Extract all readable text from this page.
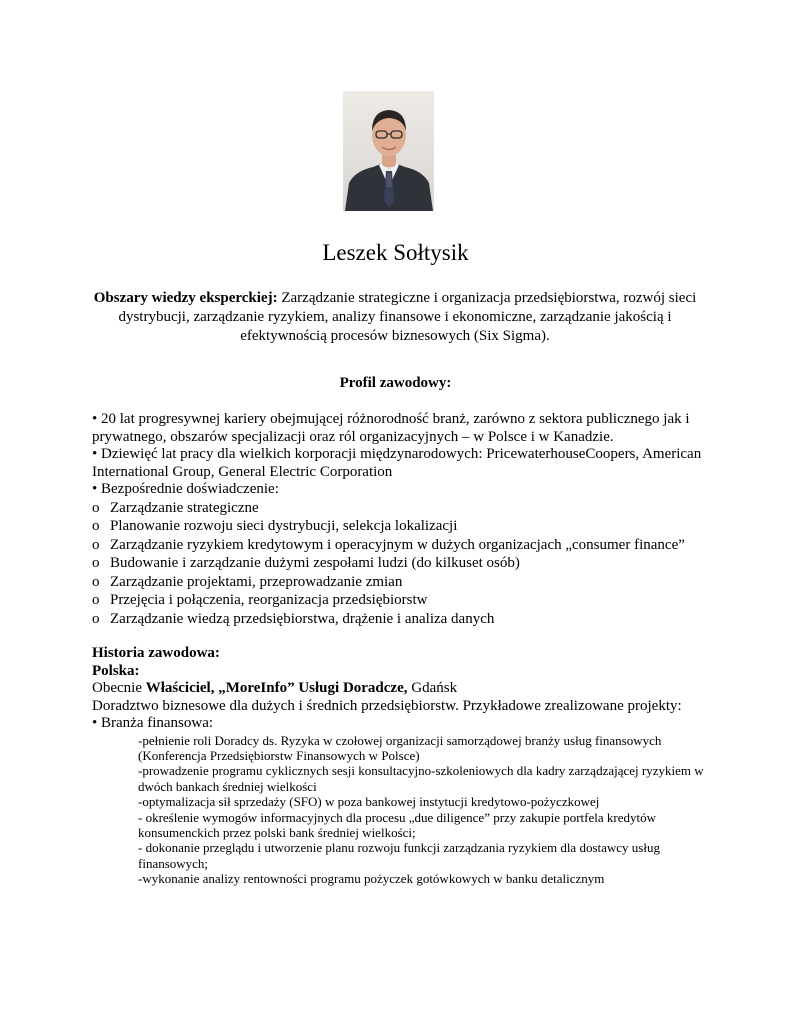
Leszek Sołtysik
Obszary wiedzy eksperckiej: Zarządzanie strategiczne i organizacja przedsiębiorstwa, rozwój sieci dystrybucji, zarządzanie ryzykiem, analizy finansowe i ekonomiczne, zarządzanie jakością i efektywnością procesów biznesowych (Six Sigma).
Profil zawodowy:

• 20 lat progresywnej kariery obejmującej różnorodność branż, zarówno z sektora publicznego jak i prywatnego, obszarów specjalizacji oraz ról organizacyjnych – w Polsce i w Kanadzie.

• Dziewięć lat pracy dla wielkich korporacji międzynarodowych: PricewaterhouseCoopers, American International Group, General Electric Corporation

• Bezpośrednie doświadczenie:

o Zarządzanie strategiczne
o Planowanie rozwoju sieci dystrybucji, selekcja lokalizacji
o Zarządzanie ryzykiem kredytowym i operacyjnym w dużych organizacjach „consumer finance”
o Budowanie i zarządzanie dużymi zespołami ludzi (do kilkuset osób)
o Zarządzanie projektami, przeprowadzanie zmian
o Przejęcia i połączenia, reorganizacja przedsiębiorstw
o Zarządzanie wiedzą przedsiębiorstwa, drążenie i analiza danych

Historia zawodowa:

Polska:

Obecnie Właściciel, „MoreInfo” Usługi Doradcze, Gdańsk

Doradztwo biznesowe dla dużych i średnich przedsiębiorstw. Przykładowe zrealizowane projekty:

• Branża finansowa:

-pełnienie roli Doradcy ds. Ryzyka w czołowej organizacji samorządowej branży usług finansowych (Konferencja Przedsiębiorstw Finansowych w Polsce)

-prowadzenie programu cyklicznych sesji konsultacyjno-szkoleniowych dla kadry zarządzającej ryzykiem w dwóch bankach średniej wielkości

-optymalizacja sił sprzedaży (SFO) w poza bankowej instytucji kredytowo-pożyczkowej

- określenie wymogów informacyjnych dla procesu „due diligence” przy zakupie portfela kredytów konsumenckich przez polski bank średniej wielkości;

- dokonanie przeglądu i utworzenie planu rozwoju funkcji zarządzania ryzykiem dla dostawcy usług finansowych;

-wykonanie analizy rentowności programu pożyczek gotówkowych w banku detalicznym
